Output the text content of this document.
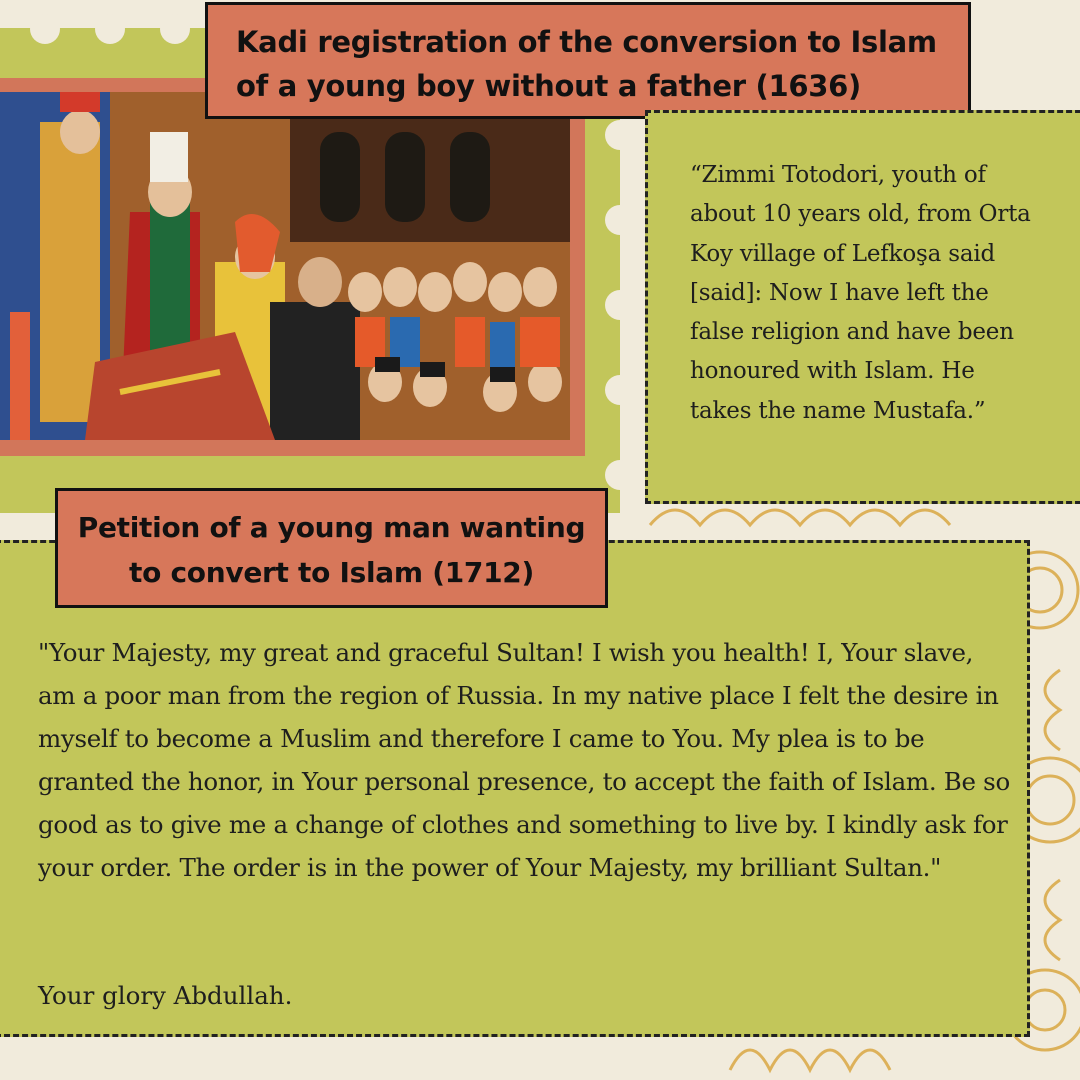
Kadi registration of the conversion to Islam
of a young boy without a father (1636)

“Zimmi Totodori, youth of about 10 years old, from Orta Koy village of Lefkoşa said [said]: Now I have left the false religion and have been honoured with Islam. He takes the name Mustafa.”

"Your Majesty, my great and graceful Sultan! I wish you health! I, Your slave, am a poor man from the region of Russia. In my native place I felt the desire in myself to become a Muslim and therefore I came to You. My plea is to be granted the honor, in Your personal presence, to accept the faith of Islam. Be so good as to give me a change of clothes and something to live by. I kindly ask for your order. The order is in the power of Your Majesty, my brilliant Sultan."

Your glory Abdullah.

Petition of a young man wanting
to convert to Islam (1712)
